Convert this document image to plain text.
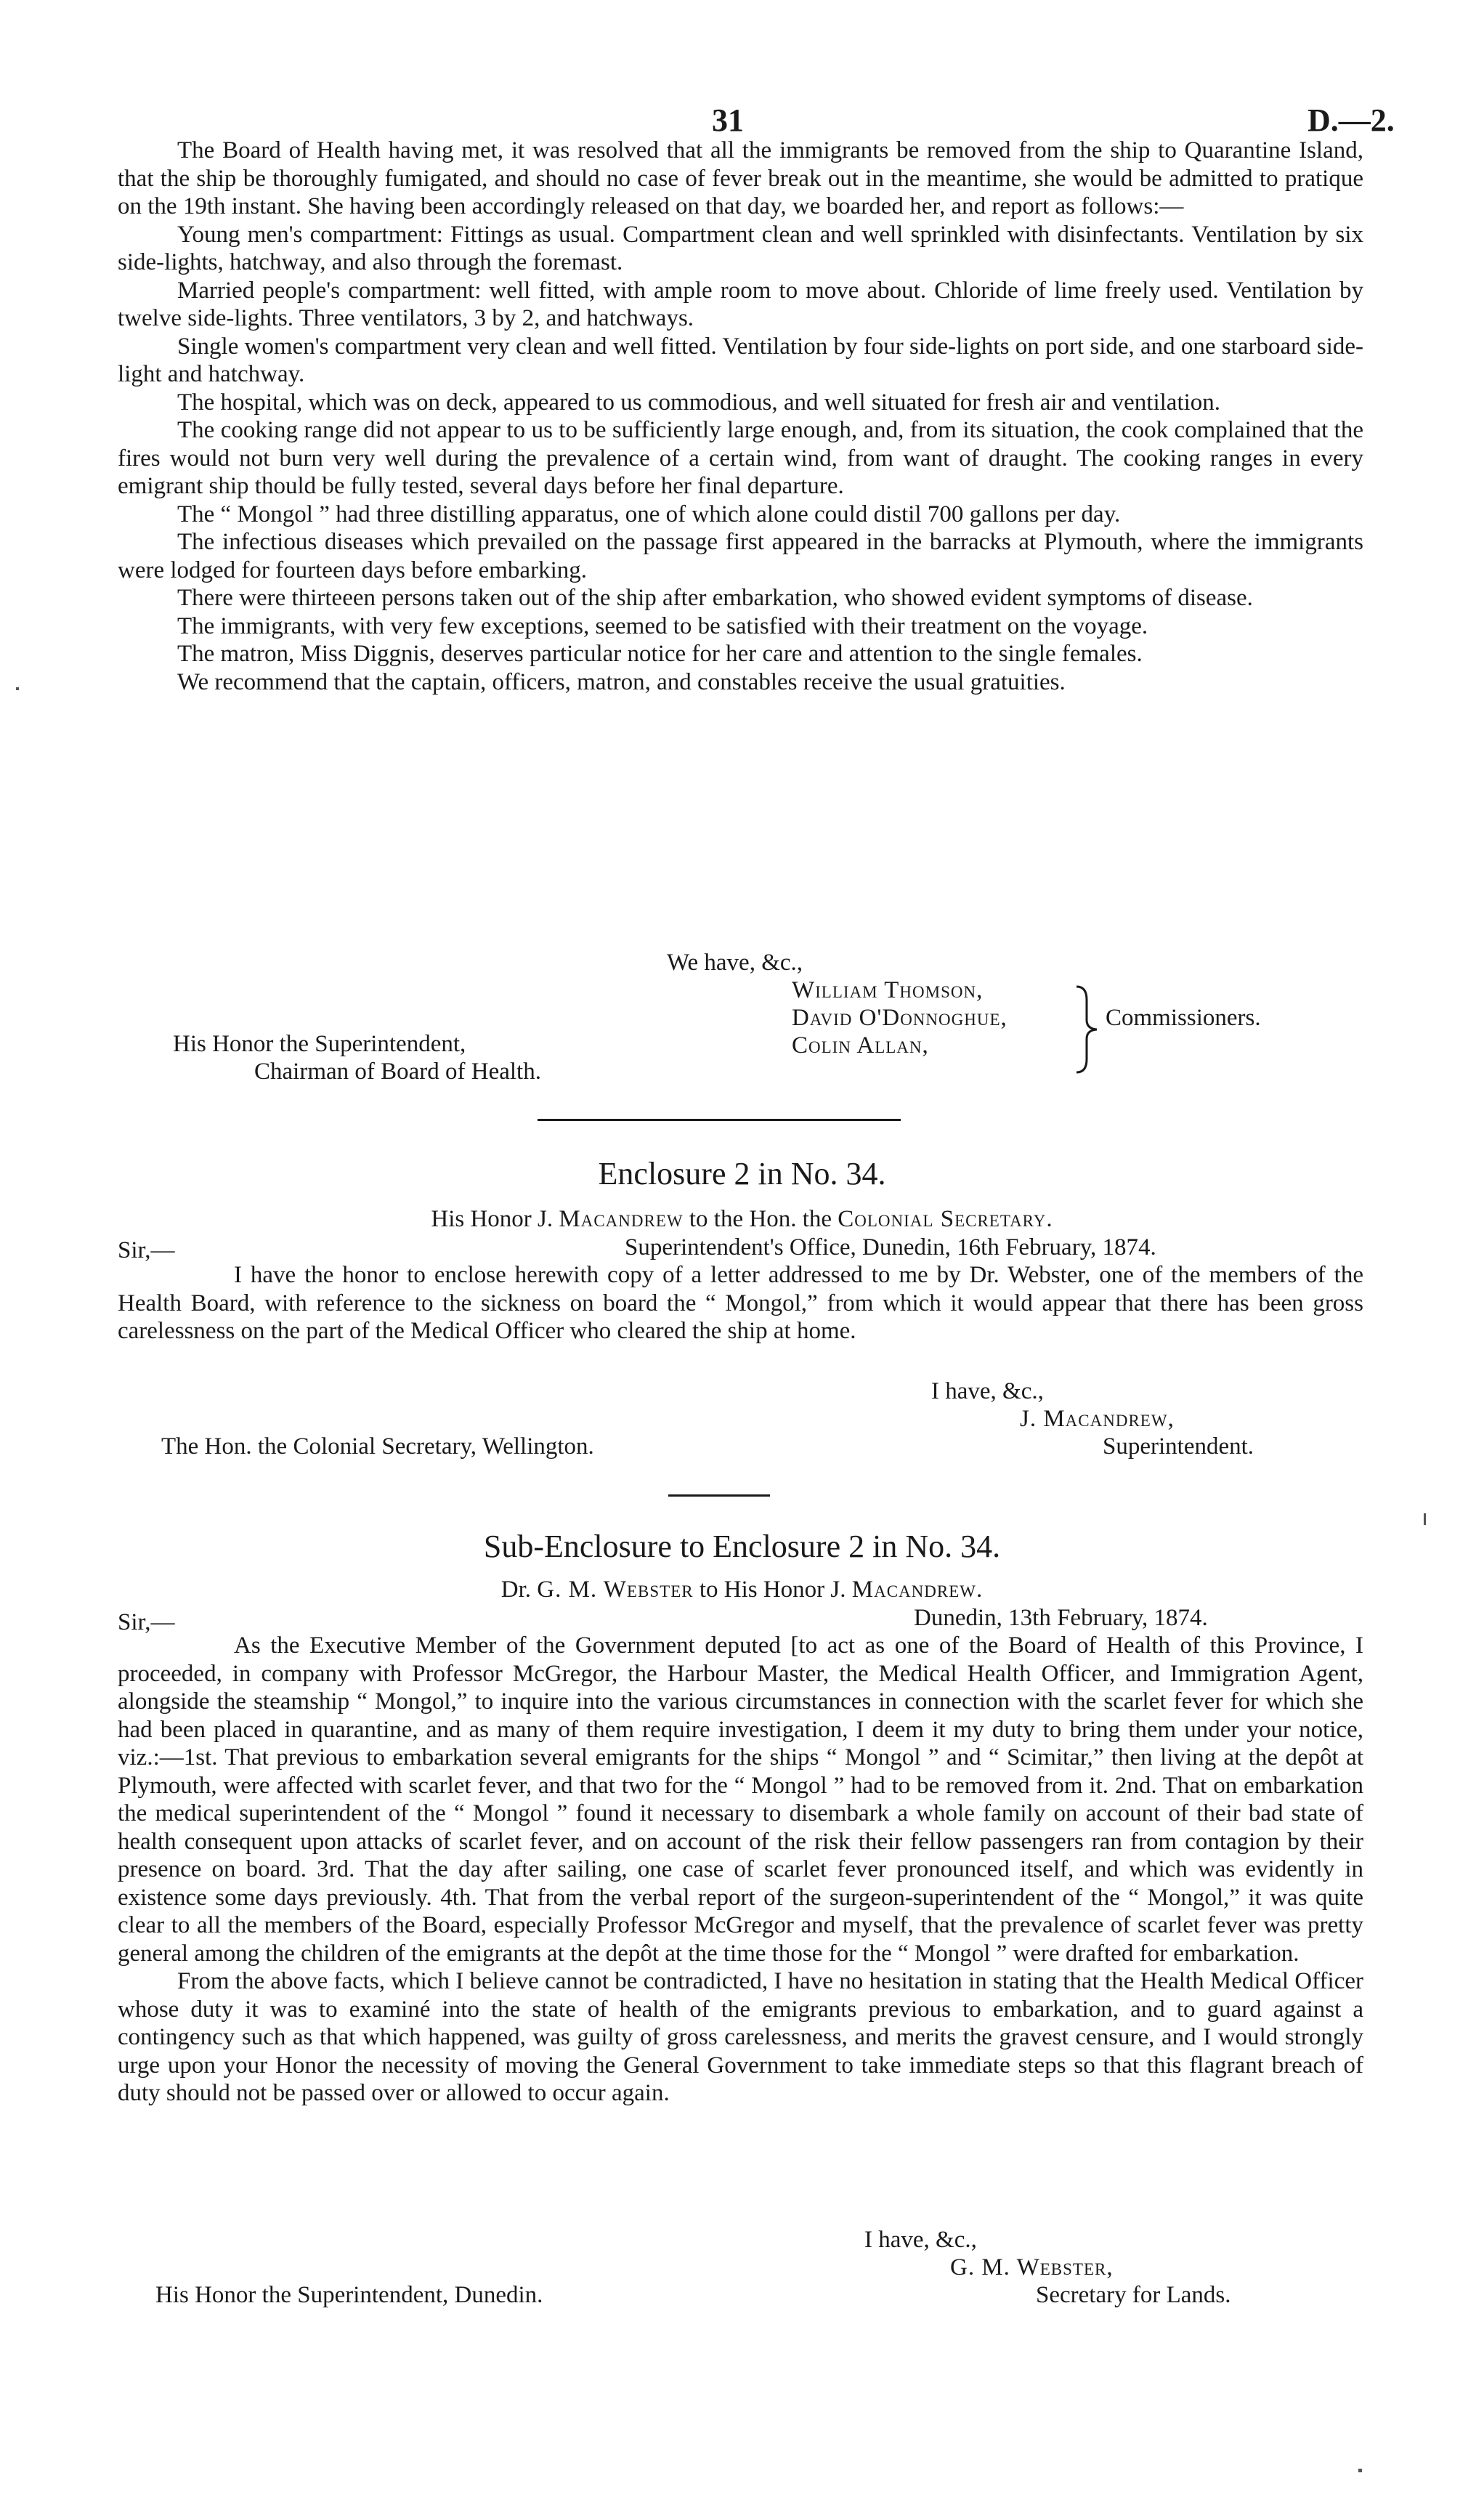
31	D.—2.

The Board of Health having met, it was resolved that all the immigrants be removed from the ship to Quarantine Island, that the ship be thoroughly fumigated, and should no case of fever break out in the meantime, she would be admitted to pratique on the 19th instant. She having been accordingly released on that day, we boarded her, and report as follows:—

Young men's compartment: Fittings as usual. Compartment clean and well sprinkled with disinfectants. Ventilation by six side-lights, hatchway, and also through the foremast.

Married people's compartment: well fitted, with ample room to move about. Chloride of lime freely used. Ventilation by twelve side-lights. Three ventilators, 3 by 2, and hatchways.

Single women's compartment very clean and well fitted. Ventilation by four side-lights on port side, and one starboard side-light and hatchway.

The hospital, which was on deck, appeared to us commodious, and well situated for fresh air and ventilation.

The cooking range did not appear to us to be sufficiently large enough, and, from its situation, the cook complained that the fires would not burn very well during the prevalence of a certain wind, from want of draught. The cooking ranges in every emigrant ship thould be fully tested, several days before her final departure.

The “ Mongol ” had three distilling apparatus, one of which alone could distil 700 gallons per day.

The infectious diseases which prevailed on the passage first appeared in the barracks at Plymouth, where the immigrants were lodged for fourteen days before embarking.

There were thirteeen persons taken out of the ship after embarkation, who showed evident symptoms of disease.

The immigrants, with very few exceptions, seemed to be satisfied with their treatment on the voyage.

The matron, Miss Diggnis, deserves particular notice for her care and attention to the single females.

We recommend that the captain, officers, matron, and constables receive the usual gratuities.

We have, &c.,
William Thomson,
David O'Donnoghue,
Colin Allan,
Commissioners.
His Honor the Superintendent,
Chairman of Board of Health.
Enclosure 2 in No. 34.
His Honor J. Macandrew to the Hon. the Colonial Secretary.
Sir,—	Superintendent's Office, Dunedin, 16th February, 1874.

I have the honor to enclose herewith copy of a letter addressed to me by Dr. Webster, one of the members of the Health Board, with reference to the sickness on board the “ Mongol,” from which it would appear that there has been gross carelessness on the part of the Medical Officer who cleared the ship at home.

I have, &c.,
J. Macandrew,
Superintendent.
The Hon. the Colonial Secretary, Wellington.
Sub-Enclosure to Enclosure 2 in No. 34.
Dr. G. M. Webster to His Honor J. Macandrew.
Sir,—	Dunedin, 13th February, 1874.

As the Executive Member of the Government deputed [to act as one of the Board of Health of this Province, I proceeded, in company with Professor McGregor, the Harbour Master, the Medical Health Officer, and Immigration Agent, alongside the steamship “ Mongol,” to inquire into the various circumstances in connection with the scarlet fever for which she had been placed in quarantine, and as many of them require investigation, I deem it my duty to bring them under your notice, viz.:—1st. That previous to embarkation several emigrants for the ships “ Mongol ” and “ Scimitar,” then living at the depôt at Plymouth, were affected with scarlet fever, and that two for the “ Mongol ” had to be removed from it. 2nd. That on embarkation the medical superintendent of the “ Mongol ” found it necessary to disembark a whole family on account of their bad state of health consequent upon attacks of scarlet fever, and on account of the risk their fellow passengers ran from contagion by their presence on board. 3rd. That the day after sailing, one case of scarlet fever pronounced itself, and which was evidently in existence some days previously. 4th. That from the verbal report of the surgeon-superintendent of the “ Mongol,” it was quite clear to all the members of the Board, especially Professor McGregor and myself, that the prevalence of scarlet fever was pretty general among the children of the emigrants at the depôt at the time those for the “ Mongol ” were drafted for embarkation.

From the above facts, which I believe cannot be contradicted, I have no hesitation in stating that the Health Medical Officer whose duty it was to examiné into the state of health of the emigrants previous to embarkation, and to guard against a contingency such as that which happened, was guilty of gross carelessness, and merits the gravest censure, and I would strongly urge upon your Honor the necessity of moving the General Government to take immediate steps so that this flagrant breach of duty should not be passed over or allowed to occur again.

I have, &c.,
G. M. Webster,
Secretary for Lands.
His Honor the Superintendent, Dunedin.
